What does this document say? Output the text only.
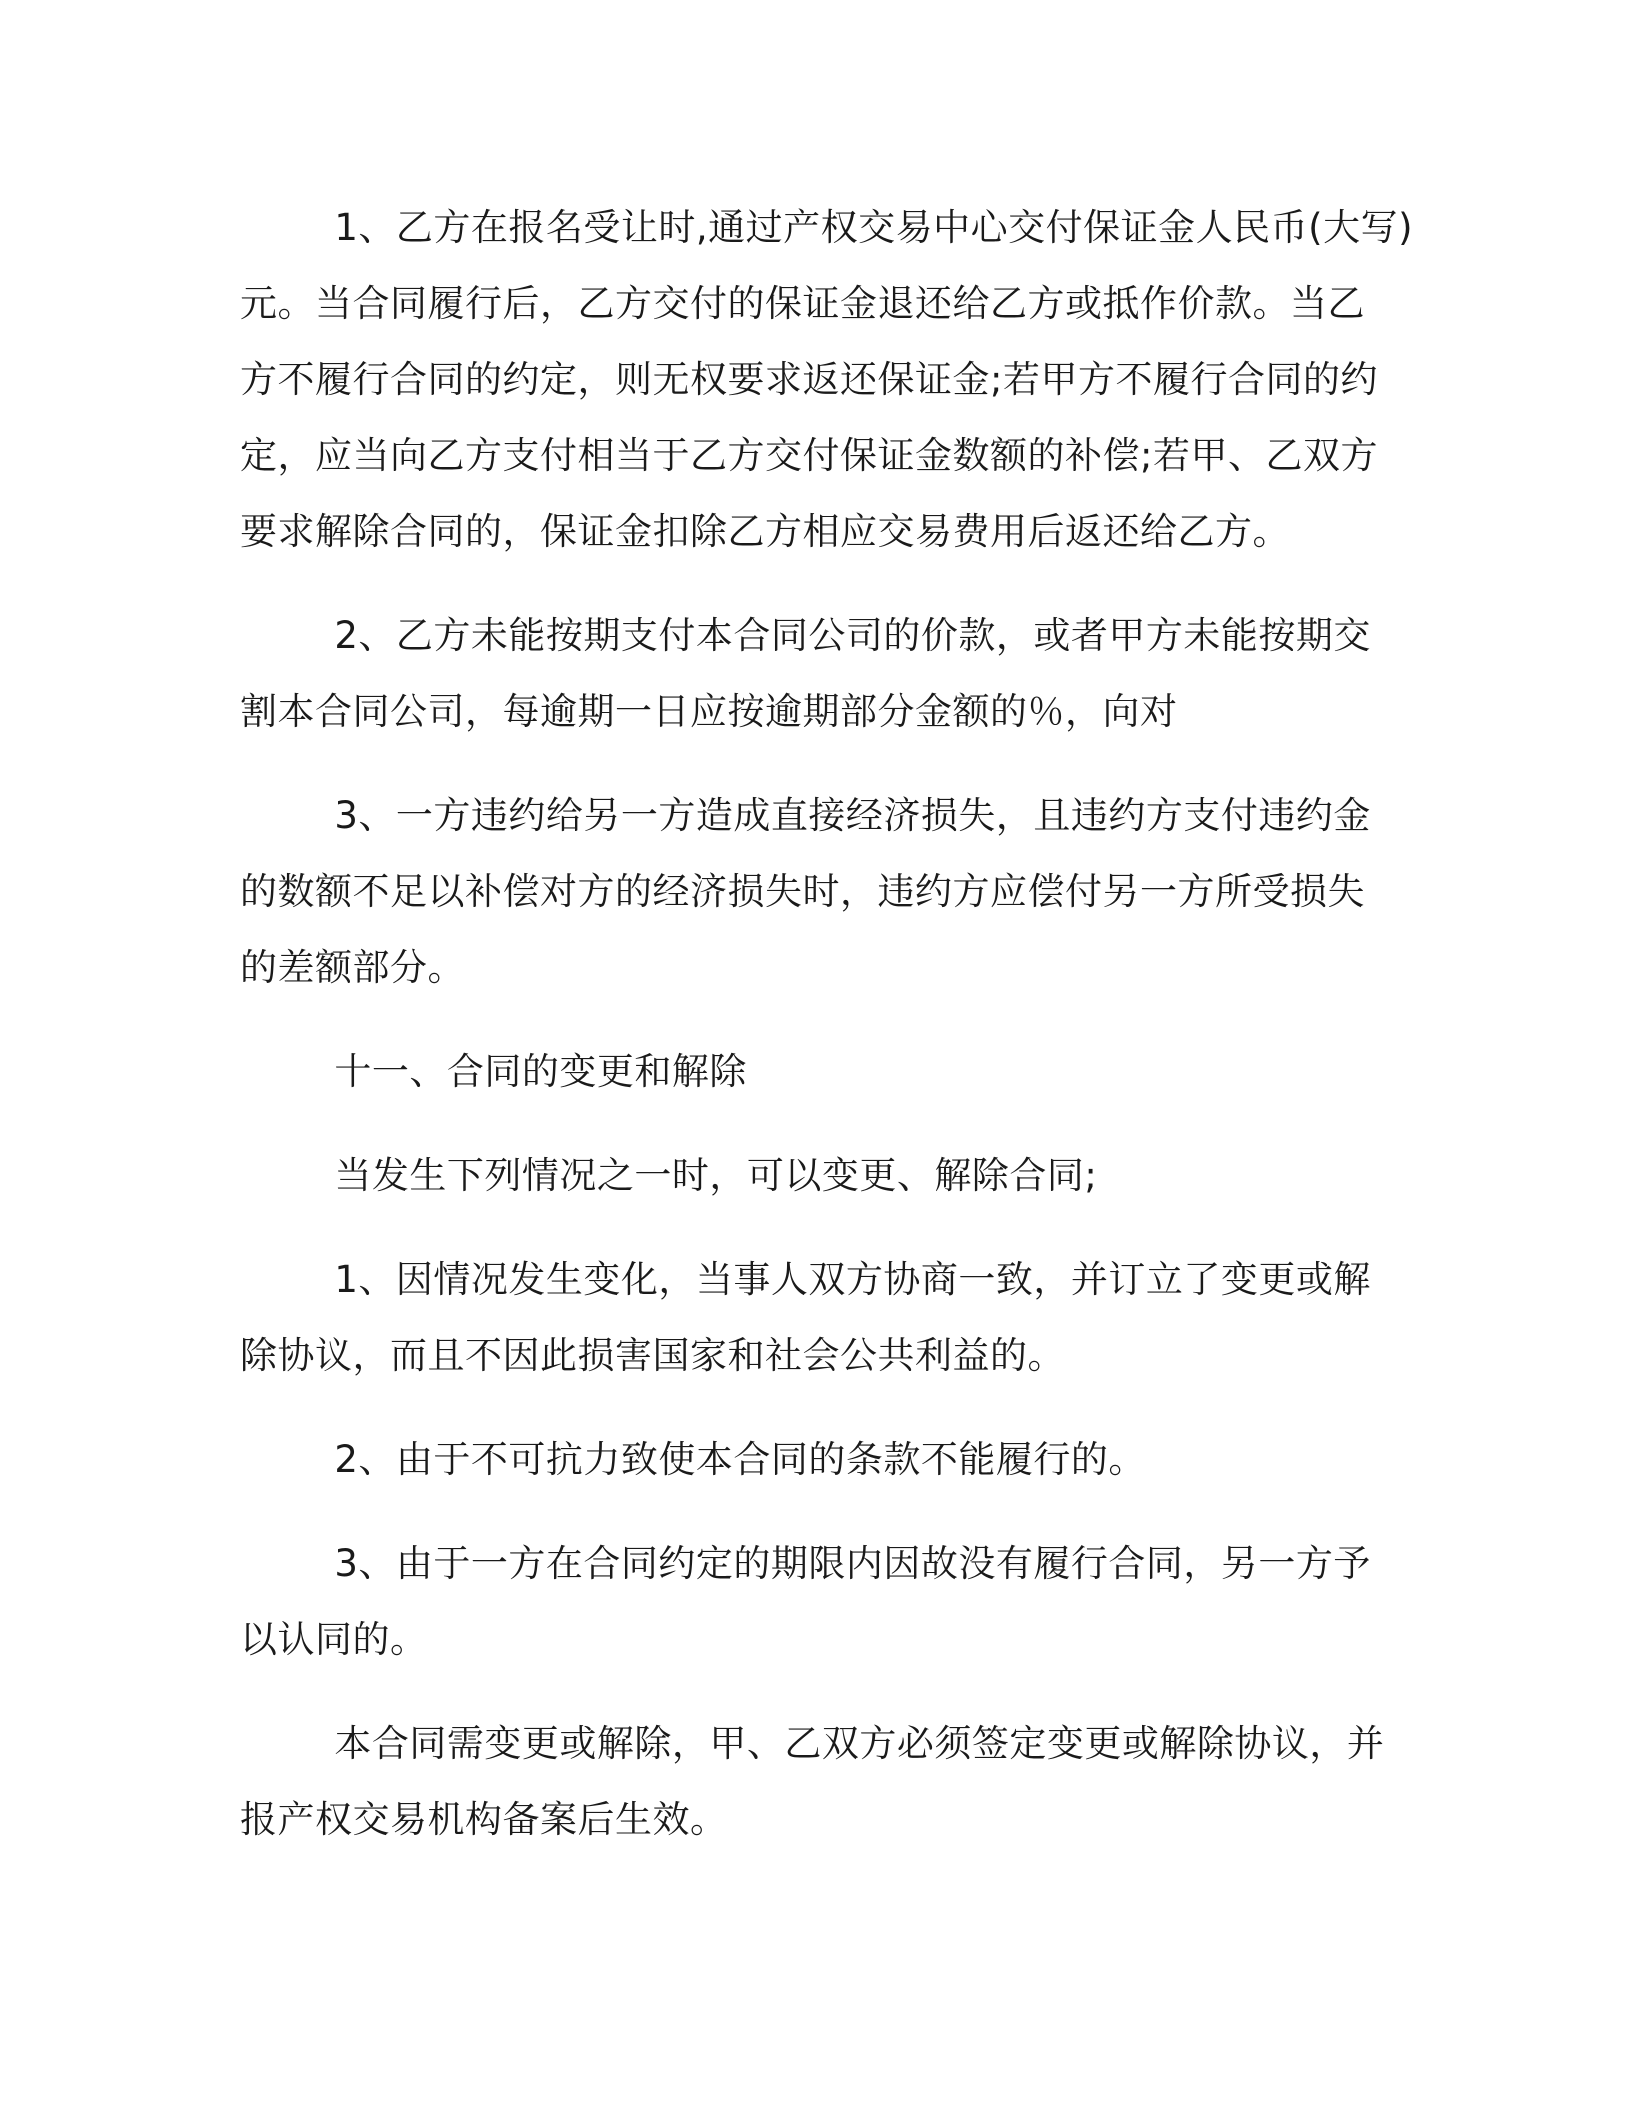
1、乙方在报名受让时,通过产权交易中心交付保证金人民币(大写)
元。当合同履行后，乙方交付的保证金退还给乙方或抵作价款。当乙
方不履行合同的约定，则无权要求返还保证金;若甲方不履行合同的约
定，应当向乙方支付相当于乙方交付保证金数额的补偿;若甲、乙双方
要求解除合同的，保证金扣除乙方相应交易费用后返还给乙方。

2、乙方未能按期支付本合同公司的价款，或者甲方未能按期交
割本合同公司，每逾期一日应按逾期部分金额的％，向对

3、一方违约给另一方造成直接经济损失，且违约方支付违约金
的数额不足以补偿对方的经济损失时，违约方应偿付另一方所受损失
的差额部分。

十一、合同的变更和解除

当发生下列情况之一时，可以变更、解除合同;

1、因情况发生变化，当事人双方协商一致，并订立了变更或解
除协议，而且不因此损害国家和社会公共利益的。

2、由于不可抗力致使本合同的条款不能履行的。

3、由于一方在合同约定的期限内因故没有履行合同，另一方予
以认同的。

本合同需变更或解除，甲、乙双方必须签定变更或解除协议，并
报产权交易机构备案后生效。
